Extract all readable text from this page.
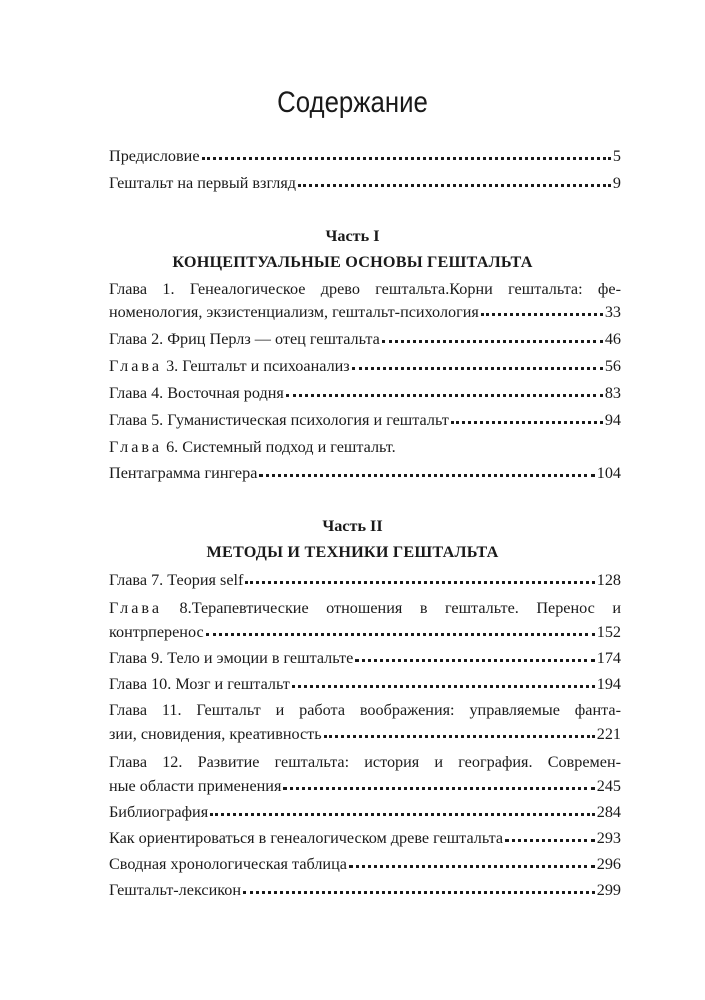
Содержание
Предисловие	5
Гештальт на первый взгляд	9
Часть I
КОНЦЕПТУАЛЬНЫЕ ОСНОВЫ ГЕШТАЛЬТА
Глава 1. Генеалогическое древо гештальта.Корни гештальта: фе-
номенология, экзистенциализм, гештальт-психология	33
Глава 2. Фриц Перлз — отец гештальта	46
Глава 3. Гештальт и психоанализ	56
Глава 4. Восточная родня	83
Глава 5. Гуманистическая психология и гештальт	94
Глава 6. Системный подход и гештальт.
Пентаграмма гингера	104
Часть II
МЕТОДЫ И ТЕХНИКИ ГЕШТАЛЬТА
Глава 7. Теория self	128
Глава 8.Терапевтические отношения в гештальте. Перенос и
контрперенос	152
Глава 9. Тело и эмоции в гештальте	174
Глава 10. Мозг и гештальт	194
Глава 11. Гештальт и работа воображения: управляемые фанта-
зии, сновидения, креативность	221
Глава 12. Развитие гештальта: история и география. Современ-
ные области применения	245
Библиография	284
Как ориентироваться в генеалогическом древе гештальта	293
Сводная хронологическая таблица	296
Гештальт-лексикон	299
